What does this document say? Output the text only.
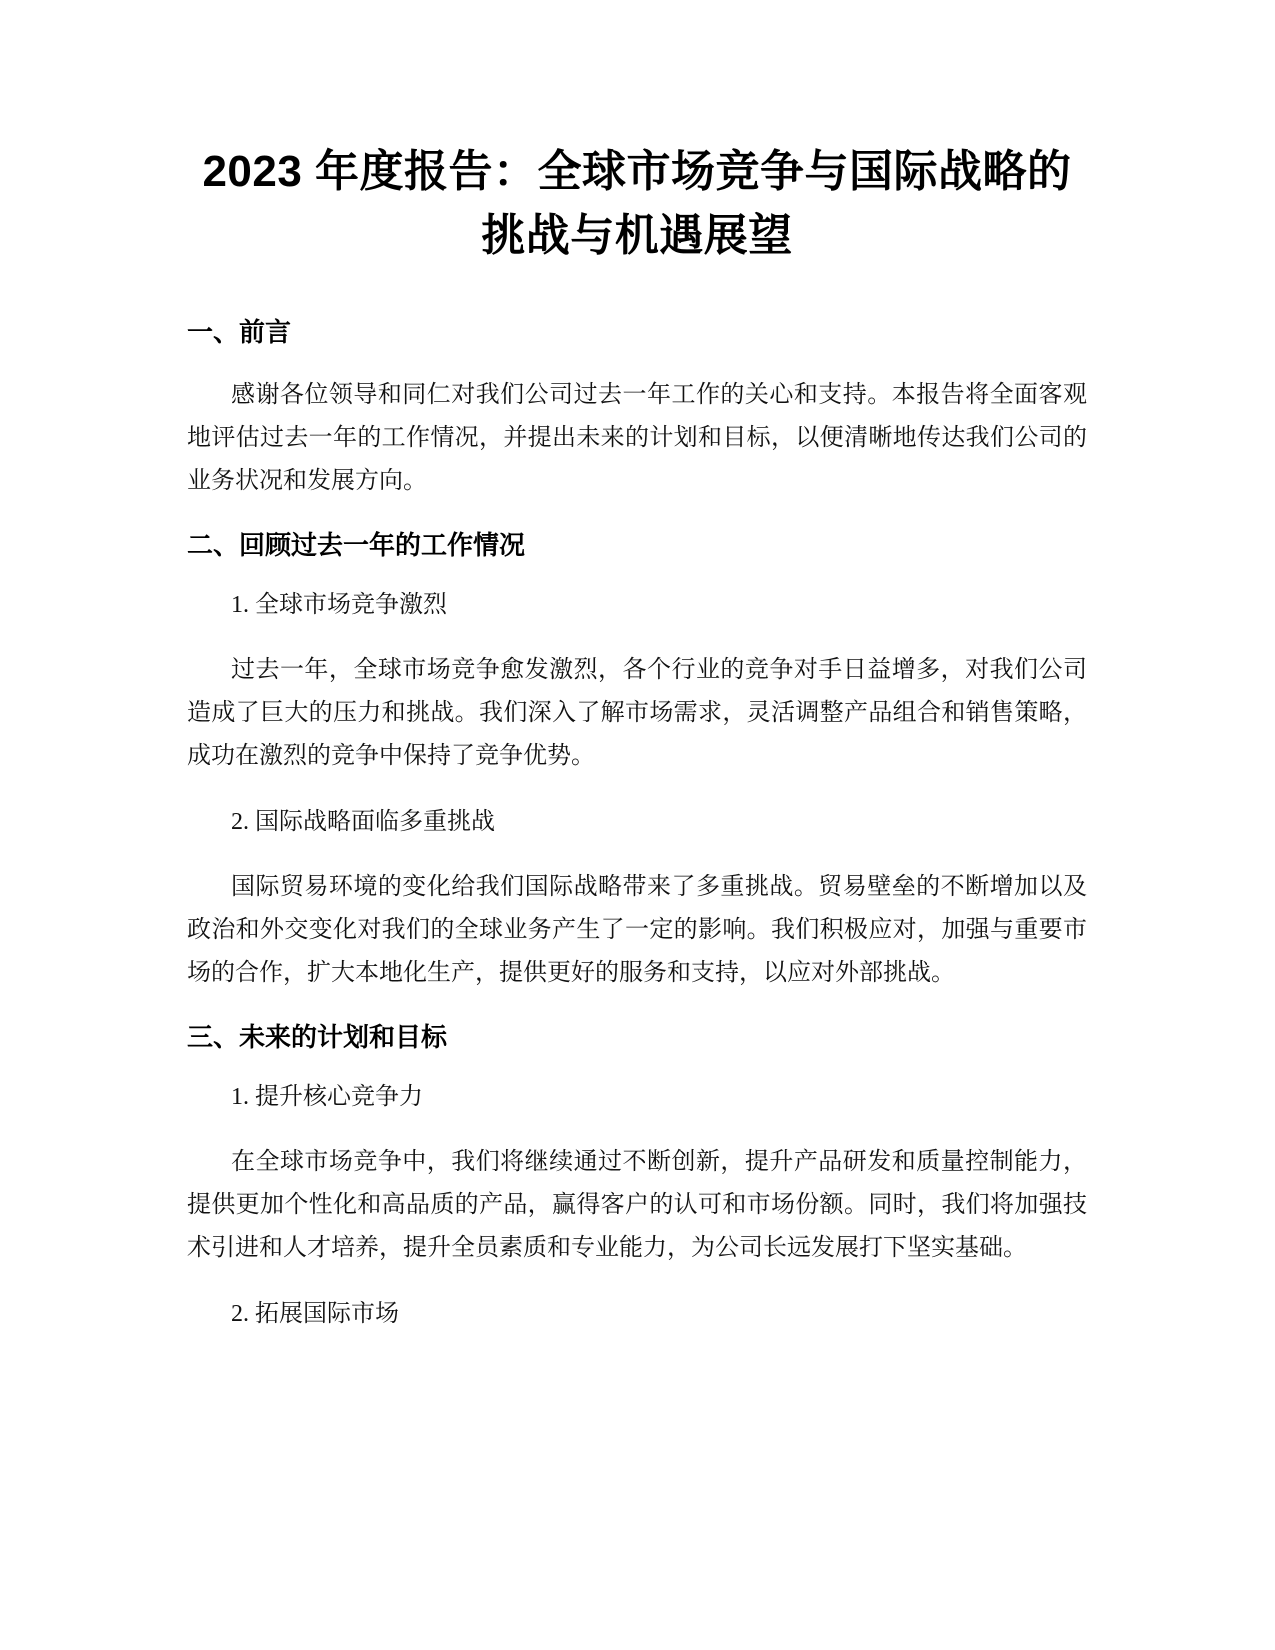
2023 年度报告：全球市场竞争与国际战略的
挑战与机遇展望
一、前言

感谢各位领导和同仁对我们公司过去一年工作的关心和支持。本报告将全面客观地评估过去一年的工作情况，并提出未来的计划和目标，以便清晰地传达我们公司的业务状况和发展方向。

二、回顾过去一年的工作情况

1. 全球市场竞争激烈

过去一年，全球市场竞争愈发激烈，各个行业的竞争对手日益增多，对我们公司造成了巨大的压力和挑战。我们深入了解市场需求，灵活调整产品组合和销售策略，成功在激烈的竞争中保持了竞争优势。

2. 国际战略面临多重挑战

国际贸易环境的变化给我们国际战略带来了多重挑战。贸易壁垒的不断增加以及政治和外交变化对我们的全球业务产生了一定的影响。我们积极应对，加强与重要市场的合作，扩大本地化生产，提供更好的服务和支持，以应对外部挑战。

三、未来的计划和目标

1. 提升核心竞争力

在全球市场竞争中，我们将继续通过不断创新，提升产品研发和质量控制能力，提供更加个性化和高品质的产品，赢得客户的认可和市场份额。同时，我们将加强技术引进和人才培养，提升全员素质和专业能力，为公司长远发展打下坚实基础。

2. 拓展国际市场
